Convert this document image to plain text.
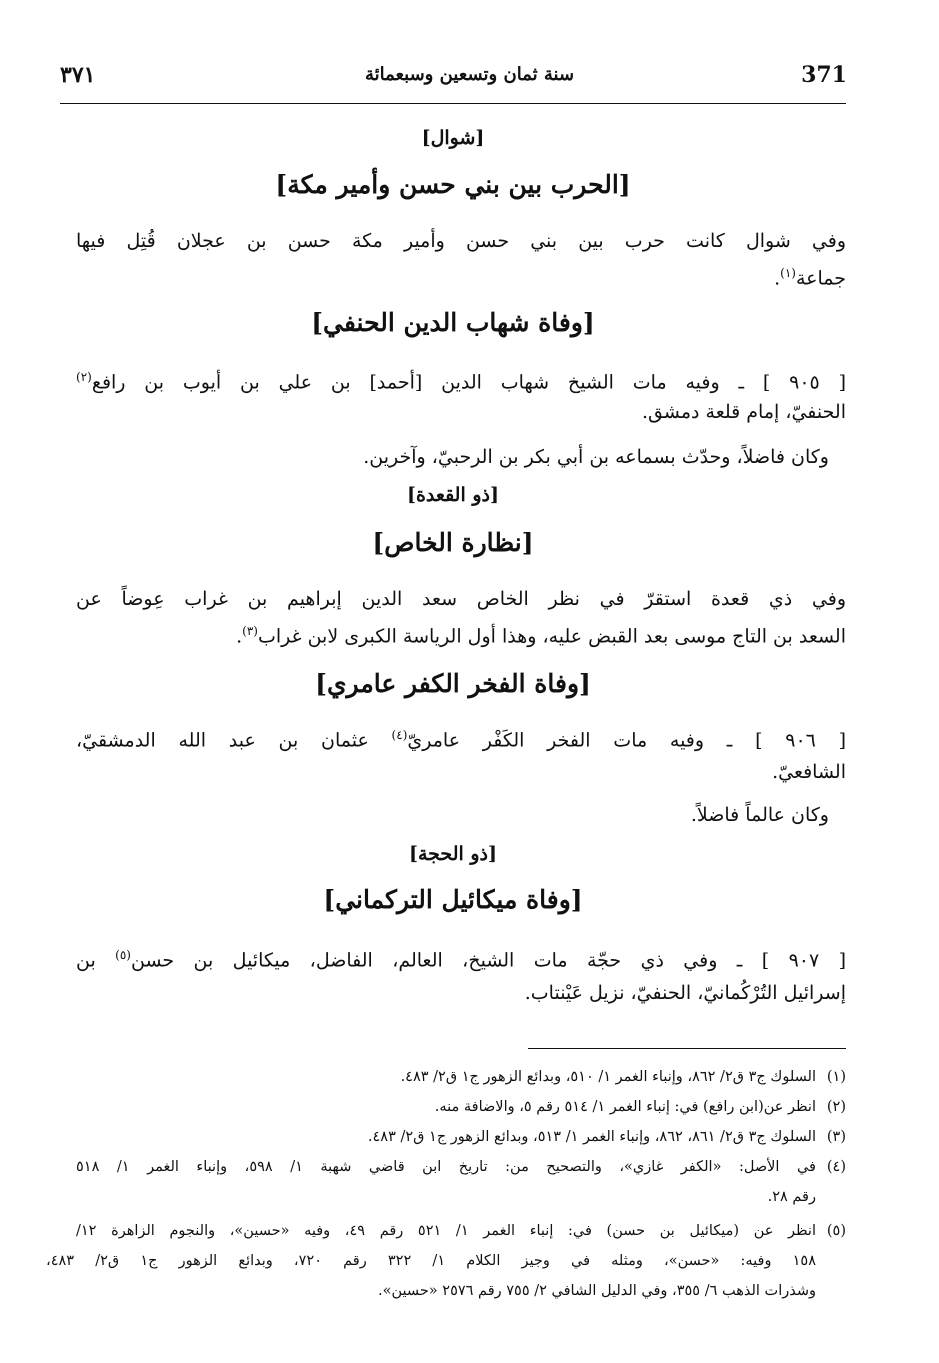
٣٧١	سنة ثمان وتسعين وسبعمائة	371
[شوال]
[الحرب بين بني حسن وأمير مكة]
وفي شوال كانت حرب بين بني حسن وأمير مكة حسن بن عجلان قُتِل فيها
جماعة$^{(١)}$.
[وفاة شهاب الدين الحنفي]
[ ٩٠٥ ] ـ وفيه مات الشيخ شهاب الدين [أحمد] بن علي بن أيوب بن رافع$^{(٢)}$
الحنفيّ، إمام قلعة دمشق.
وكان فاضلاً، وحدّث بسماعه بن أبي بكر بن الرحبيّ، وآخرين.
[ذو القعدة]
[نظارة الخاص]
وفي ذي قعدة استقرّ في نظر الخاص سعد الدين إبراهيم بن غراب عِوضاً عن
السعد بن التاج موسى بعد القبض عليه، وهذا أول الرياسة الكبرى لابن غراب$^{(٣)}$.
[وفاة الفخر الكفر عامري]
[ ٩٠٦ ] ـ وفيه مات الفخر الكَفْر عامريّ$^{(٤)}$ عثمان بن عبد الله الدمشقيّ،
الشافعيّ.
وكان عالماً فاضلاً.
[ذو الحجة]
[وفاة ميكائيل التركماني]
[ ٩٠٧ ] ـ وفي ذي حجّة مات الشيخ، العالم، الفاضل، ميكائيل بن حسن$^{(٥)}$ بن
إسرائيل التُرْكُمانيّ، الحنفيّ، نزيل عَيْنتاب.
(١)السلوك ج٣ ق٢/ ٨٦٢، وإنباء الغمر ١/ ٥١٠، وبدائع الزهور ج١ ق٢/ ٤٨٣.
(٢)انظر عن(ابن رافع) في: إنباء الغمر ١/ ٥١٤ رقم ٥، والاضافة منه.
(٣)السلوك ج٣ ق٢/ ٨٦١، ٨٦٢، وإنباء الغمر ١/ ٥١٣، وبدائع الزهور ج١ ق٢/ ٤٨٣.
(٤)في الأصل: «الكفر غازي»، والتصحيح من: تاريخ ابن قاضي شهبة ١/ ٥٩٨، وإنباء الغمر ١/ ٥١٨
رقم ٢٨.
(٥)انظر عن (ميكائيل بن حسن) في: إنباء الغمر ١/ ٥٢١ رقم ٤٩، وفيه «حسين»، والنجوم الزاهرة ١٢/
١٥٨ وفيه: «حسن»، ومثله في وجيز الكلام ١/ ٣٢٢ رقم ٧٢٠، وبدائع الزهور ج١ ق٢/ ٤٨٣،
وشذرات الذهب ٦/ ٣٥٥، وفي الدليل الشافي ٢/ ٧٥٥ رقم ٢٥٧٦ «حسين».
